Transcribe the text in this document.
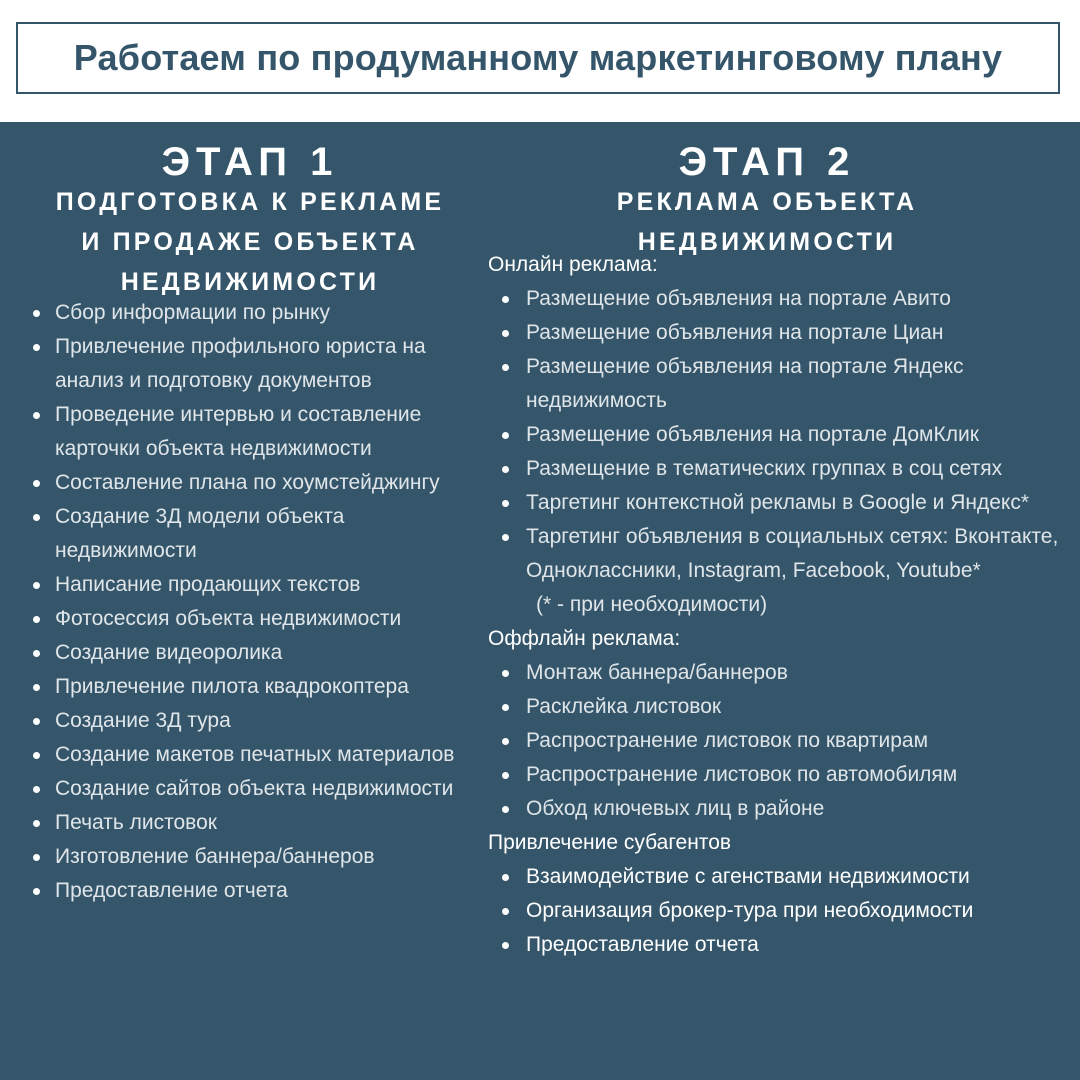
Работаем по продуманному маркетинговому плану
ЭТАП 1
ПОДГОТОВКА К РЕКЛАМЕ
И ПРОДАЖЕ ОБЪЕКТА
НЕДВИЖИМОСТИ
Сбор информации по рынку
Привлечение профильного юриста на анализ и подготовку документов
Проведение интервью и составление карточки объекта недвижимости
Составление плана по хоумстейджингу
Создание 3Д модели объекта недвижимости
Написание продающих текстов
Фотосессия объекта недвижимости
Создание видеоролика
Привлечение пилота квадрокоптера
Создание 3Д тура
Создание макетов печатных материалов
Создание сайтов объекта недвижимости
Печать листовок
Изготовление баннера/баннеров
Предоставление отчета
ЭТАП 2
РЕКЛАМА ОБЪЕКТА
НЕДВИЖИМОСТИ
Онлайн реклама:
Размещение объявления на портале Авито
Размещение объявления на портале Циан
Размещение объявления на портале Яндекс недвижимость
Размещение объявления на портале ДомКлик
Размещение в тематических группах в соц сетях
Таргетинг контекстной рекламы в Google и Яндекс*
Таргетинг объявления в социальных сетях: Вконтакте, Одноклассники, Instagram, Facebook, Youtube*
(* - при необходимости)
Оффлайн реклама:
Монтаж баннера/баннеров
Расклейка листовок
Распространение листовок по квартирам
Распространение листовок по автомобилям
Обход ключевых лиц в районе
Привлечение субагентов
Взаимодействие с агенствами недвижимости
Организация брокер-тура при необходимости
Предоставление отчета
